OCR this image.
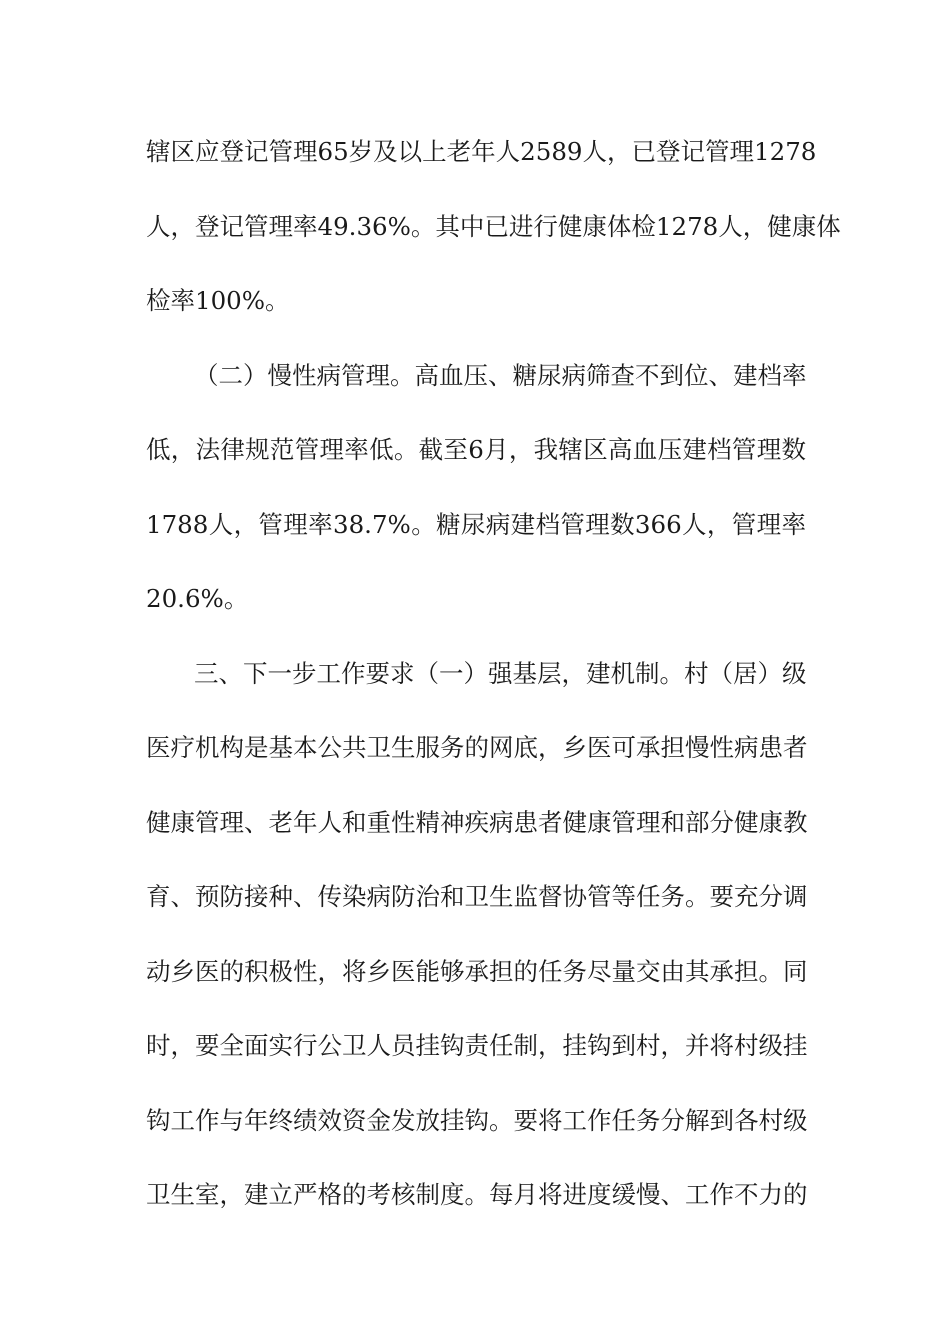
辖区应登记管理65岁及以上老年人2589人，已登记管理1278
人，登记管理率49.36%。其中已进行健康体检1278人，健康体
检率100%。
（二）慢性病管理。高血压、糖尿病筛查不到位、建档率
低，法律规范管理率低。截至6月，我辖区高血压建档管理数
1788人，管理率38.7%。糖尿病建档管理数366人，管理率
20.6%。
三、下一步工作要求（一）强基层，建机制。村（居）级
医疗机构是基本公共卫生服务的网底，乡医可承担慢性病患者
健康管理、老年人和重性精神疾病患者健康管理和部分健康教
育、预防接种、传染病防治和卫生监督协管等任务。要充分调
动乡医的积极性，将乡医能够承担的任务尽量交由其承担。同
时，要全面实行公卫人员挂钩责任制，挂钩到村，并将村级挂
钩工作与年终绩效资金发放挂钩。要将工作任务分解到各村级
卫生室，建立严格的考核制度。每月将进度缓慢、工作不力的
